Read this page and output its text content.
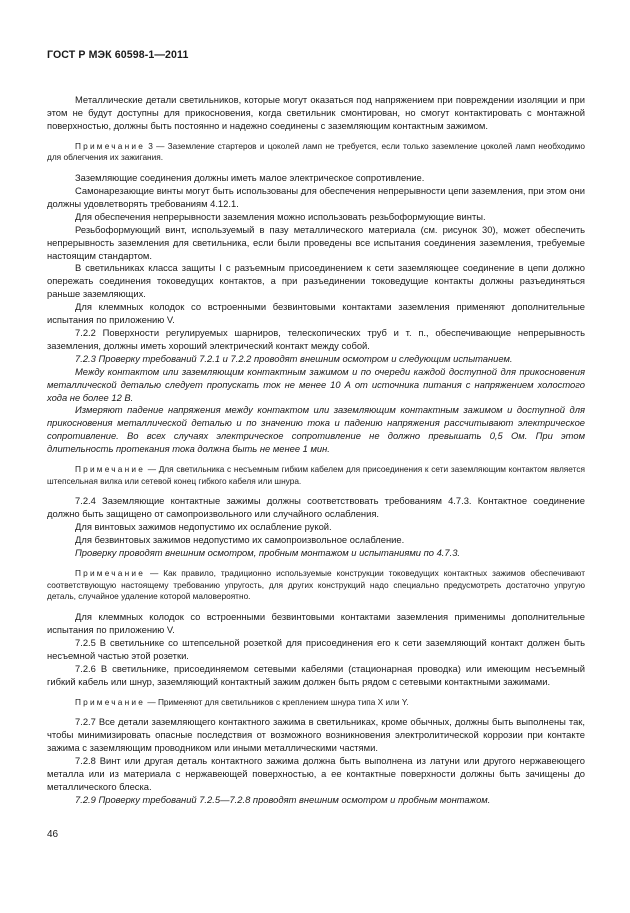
ГОСТ Р МЭК 60598-1—2011

Металлические детали светильников, которые могут оказаться под напряжением при повреждении изоляции и при этом не будут доступны для прикосновения, когда светильник смонтирован, но смогут контактировать с монтажной поверхностью, должны быть постоянно и надежно соединены с заземляющим контактным зажимом.

Примечание 3 — Заземление стартеров и цоколей ламп не требуется, если только заземление цоколей ламп необходимо для облегчения их зажигания.

Заземляющие соединения должны иметь малое электрическое сопротивление.

Самонарезающие винты могут быть использованы для обеспечения непрерывности цепи заземления, при этом они должны удовлетворять требованиям 4.12.1.

Для обеспечения непрерывности заземления можно использовать резьбоформующие винты.

Резьбоформующий винт, используемый в пазу металлического материала (см. рисунок 30), может обеспечить непрерывность заземления для светильника, если были проведены все испытания соединения заземления, требуемые настоящим стандартом.

В светильниках класса защиты I с разъемным присоединением к сети заземляющее соединение в цепи должно опережать соединения токоведущих контактов, а при разъединении токоведущие контакты должны разъединяться раньше заземляющих.

Для клеммных колодок со встроенными безвинтовыми контактами заземления применяют дополнительные испытания по приложению V.

7.2.2 Поверхности регулируемых шарниров, телескопических труб и т. п., обеспечивающие непрерывность заземления, должны иметь хороший электрический контакт между собой.

7.2.3 Проверку требований 7.2.1 и 7.2.2 проводят внешним осмотром и следующим испытанием.

Между контактом или заземляющим контактным зажимом и по очереди каждой доступной для прикосновения металлической деталью следует пропускать ток не менее 10 А от источника питания с напряжением холостого хода не более 12 В.

Измеряют падение напряжения между контактом или заземляющим контактным зажимом и доступной для прикосновения металлической деталью и по значению тока и падению напряжения рассчитывают электрическое сопротивление. Во всех случаях электрическое сопротивление не должно превышать 0,5 Ом. При этом длительность протекания тока должна быть не менее 1 мин.

Примечание — Для светильника с несъемным гибким кабелем для присоединения к сети заземляющим контактом является штепсельная вилка или сетевой конец гибкого кабеля или шнура.

7.2.4 Заземляющие контактные зажимы должны соответствовать требованиям 4.7.3. Контактное соединение должно быть защищено от самопроизвольного или случайного ослабления.

Для винтовых зажимов недопустимо их ослабление рукой.

Для безвинтовых зажимов недопустимо их самопроизвольное ослабление.

Проверку проводят внешним осмотром, пробным монтажом и испытаниями по 4.7.3.

Примечание — Как правило, традиционно используемые конструкции токоведущих контактных зажимов обеспечивают соответствующую настоящему требованию упругость, для других конструкций надо специально предусмотреть достаточно упругую деталь, случайное удаление которой маловероятно.

Для клеммных колодок со встроенными безвинтовыми контактами заземления применимы дополнительные испытания по приложению V.

7.2.5 В светильнике со штепсельной розеткой для присоединения его к сети заземляющий контакт должен быть несъемной частью этой розетки.

7.2.6 В светильнике, присоединяемом сетевыми кабелями (стационарная проводка) или имеющим несъемный гибкий кабель или шнур, заземляющий контактный зажим должен быть рядом с сетевыми контактными зажимами.

Примечание — Применяют для светильников с креплением шнура типа X или Y.

7.2.7 Все детали заземляющего контактного зажима в светильниках, кроме обычных, должны быть выполнены так, чтобы минимизировать опасные последствия от возможного возникновения электролитической коррозии при контакте зажима с заземляющим проводником или иными металлическими частями.

7.2.8 Винт или другая деталь контактного зажима должна быть выполнена из латуни или другого нержавеющего металла или из материала с нержавеющей поверхностью, а ее контактные поверхности должны быть зачищены до металлического блеска.

7.2.9 Проверку требований 7.2.5—7.2.8 проводят внешним осмотром и пробным монтажом.

46
